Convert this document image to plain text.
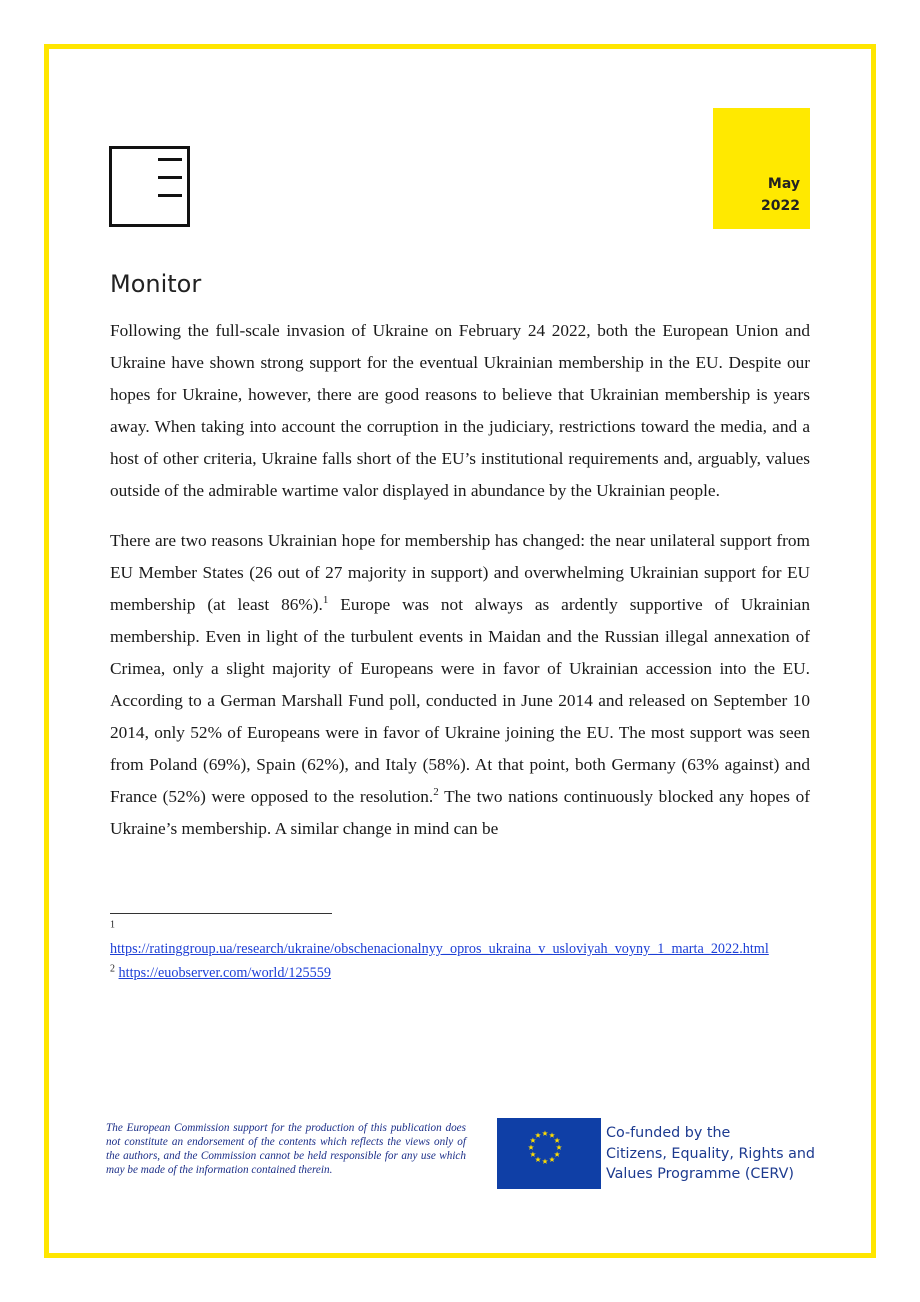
May
2022
Monitor

Following the full-scale invasion of Ukraine on February 24 2022, both the European Union and Ukraine have shown strong support for the eventual Ukrainian membership in the EU. Despite our hopes for Ukraine, however, there are good reasons to believe that Ukrainian membership is years away. When taking into account the corruption in the judiciary, restrictions toward the media, and a host of other criteria, Ukraine falls short of the EU’s institutional requirements and, arguably, values outside of the admirable wartime valor displayed in abundance by the Ukrainian people.

There are two reasons Ukrainian hope for membership has changed: the near unilateral support from EU Member States (26 out of 27 majority in support) and overwhelming Ukrainian support for EU membership (at least 86%).$^1$ Europe was not always as ardently supportive of Ukrainian membership. Even in light of the turbulent events in Maidan and the Russian illegal annexation of Crimea, only a slight majority of Europeans were in favor of Ukrainian accession into the EU. According to a German Marshall Fund poll, conducted in June 2014 and released on September 10 2014, only 52% of Europeans were in favor of Ukraine joining the EU. The most support was seen from Poland (69%), Spain (62%), and Italy (58%). At that point, both Germany (63% against) and France (52%) were opposed to the resolution.$^2$ The two nations continuously blocked any hopes of Ukraine’s membership. A similar change in mind can be

$^1$

https://ratinggroup.ua/research/ukraine/obschenacionalnyy_opros_ukraina_v_usloviyah_voyny_1_marta_2022.html

$^2$ https://euobserver.com/world/125559

The European Commission support for the production of this publication does not constitute an endorsement of the contents which reflects the views only of the authors, and the Commission cannot be held responsible for any use which may be made of the information contained therein.
Co-funded by the
Citizens, Equality, Rights and
Values Programme (CERV)
